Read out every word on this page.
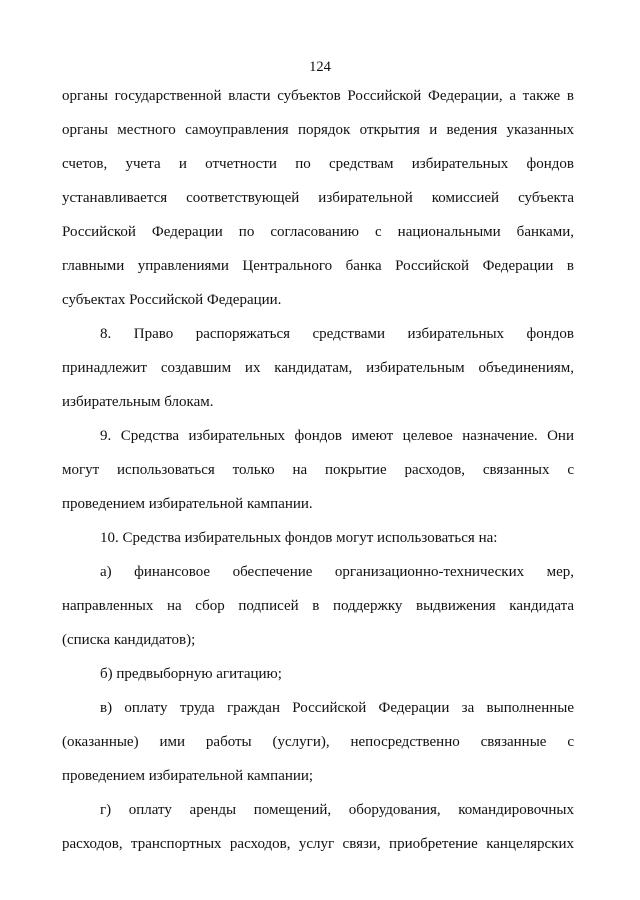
124
органы государственной власти субъектов Российской Федерации, а также в
органы местного самоуправления порядок открытия и ведения указанных
счетов, учета и отчетности по средствам избирательных фондов
устанавливается соответствующей избирательной комиссией субъекта
Российской Федерации по согласованию с национальными банками,
главными управлениями Центрального банка Российской Федерации в
субъектах Российской Федерации.
8. Право распоряжаться средствами избирательных фондов
принадлежит создавшим их кандидатам, избирательным объединениям,
избирательным блокам.
9. Средства избирательных фондов имеют целевое назначение. Они
могут использоваться только на покрытие расходов, связанных с
проведением избирательной кампании.
10. Средства избирательных фондов могут использоваться на:
а) финансовое обеспечение организационно-технических мер,
направленных на сбор подписей в поддержку выдвижения кандидата
(списка кандидатов);
б) предвыборную агитацию;
в) оплату труда граждан Российской Федерации за выполненные
(оказанные) ими работы (услуги), непосредственно связанные с
проведением избирательной кампании;
г) оплату аренды помещений, оборудования, командировочных
расходов, транспортных расходов, услуг связи, приобретение канцелярских
